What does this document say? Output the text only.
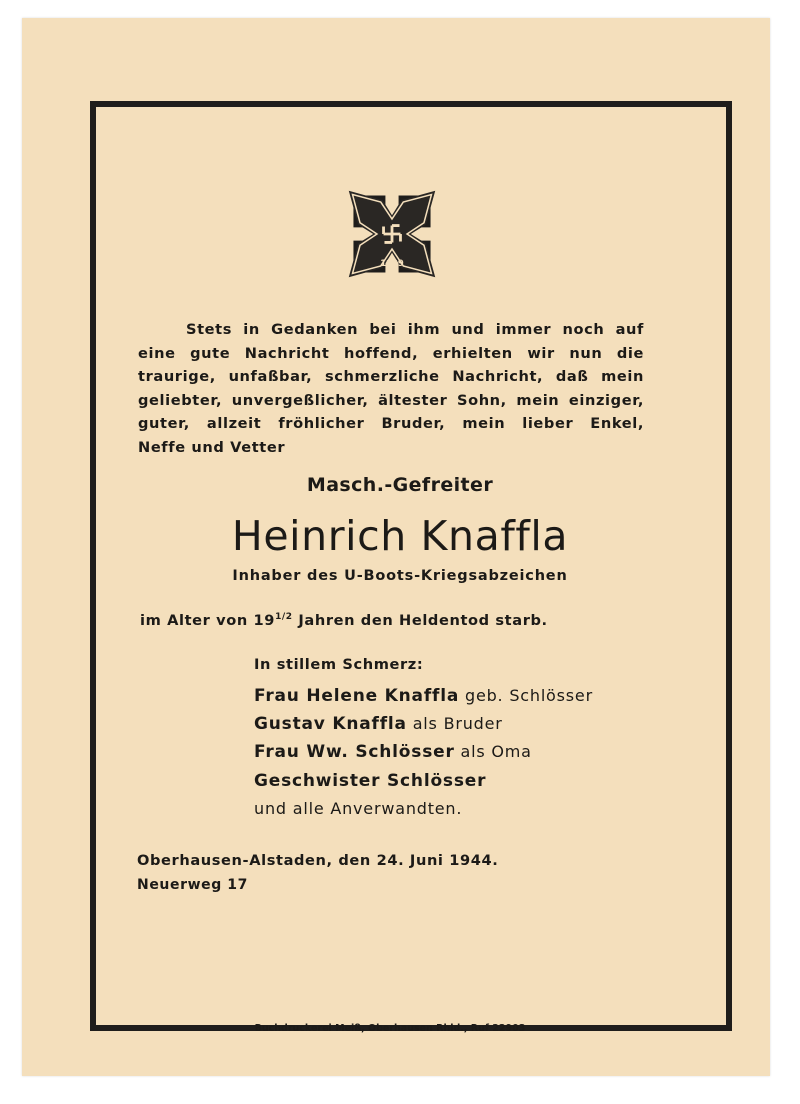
1939
Stets in Gedanken bei ihm und immer noch auf
eine gute Nachricht hoffend, erhielten wir nun die
traurige, unfaßbar, schmerzliche Nachricht, daß mein
geliebter, unvergeßlicher, ältester Sohn, mein einziger,
guter, allzeit fröhlicher Bruder, mein lieber Enkel,
Neffe und Vetter
Masch.-Gefreiter
Heinrich Knaffla
Inhaber des U-Boots-Kriegsabzeichen
im Alter von $19^{1/2}$ Jahren den Heldentod starb.
In stillem Schmerz:
Frau Helene Knaffla geb. Schlösser
Gustav Knaffla als Bruder
Frau Ww. Schlösser als Oma
Geschwister Schlösser
und alle Anverwandten.
Oberhausen-Alstaden, den 24. Juni 1944.
Neuerweg 17
Buchdruckerei Meiß, Oberhausen Rhld., Ruf 22903
